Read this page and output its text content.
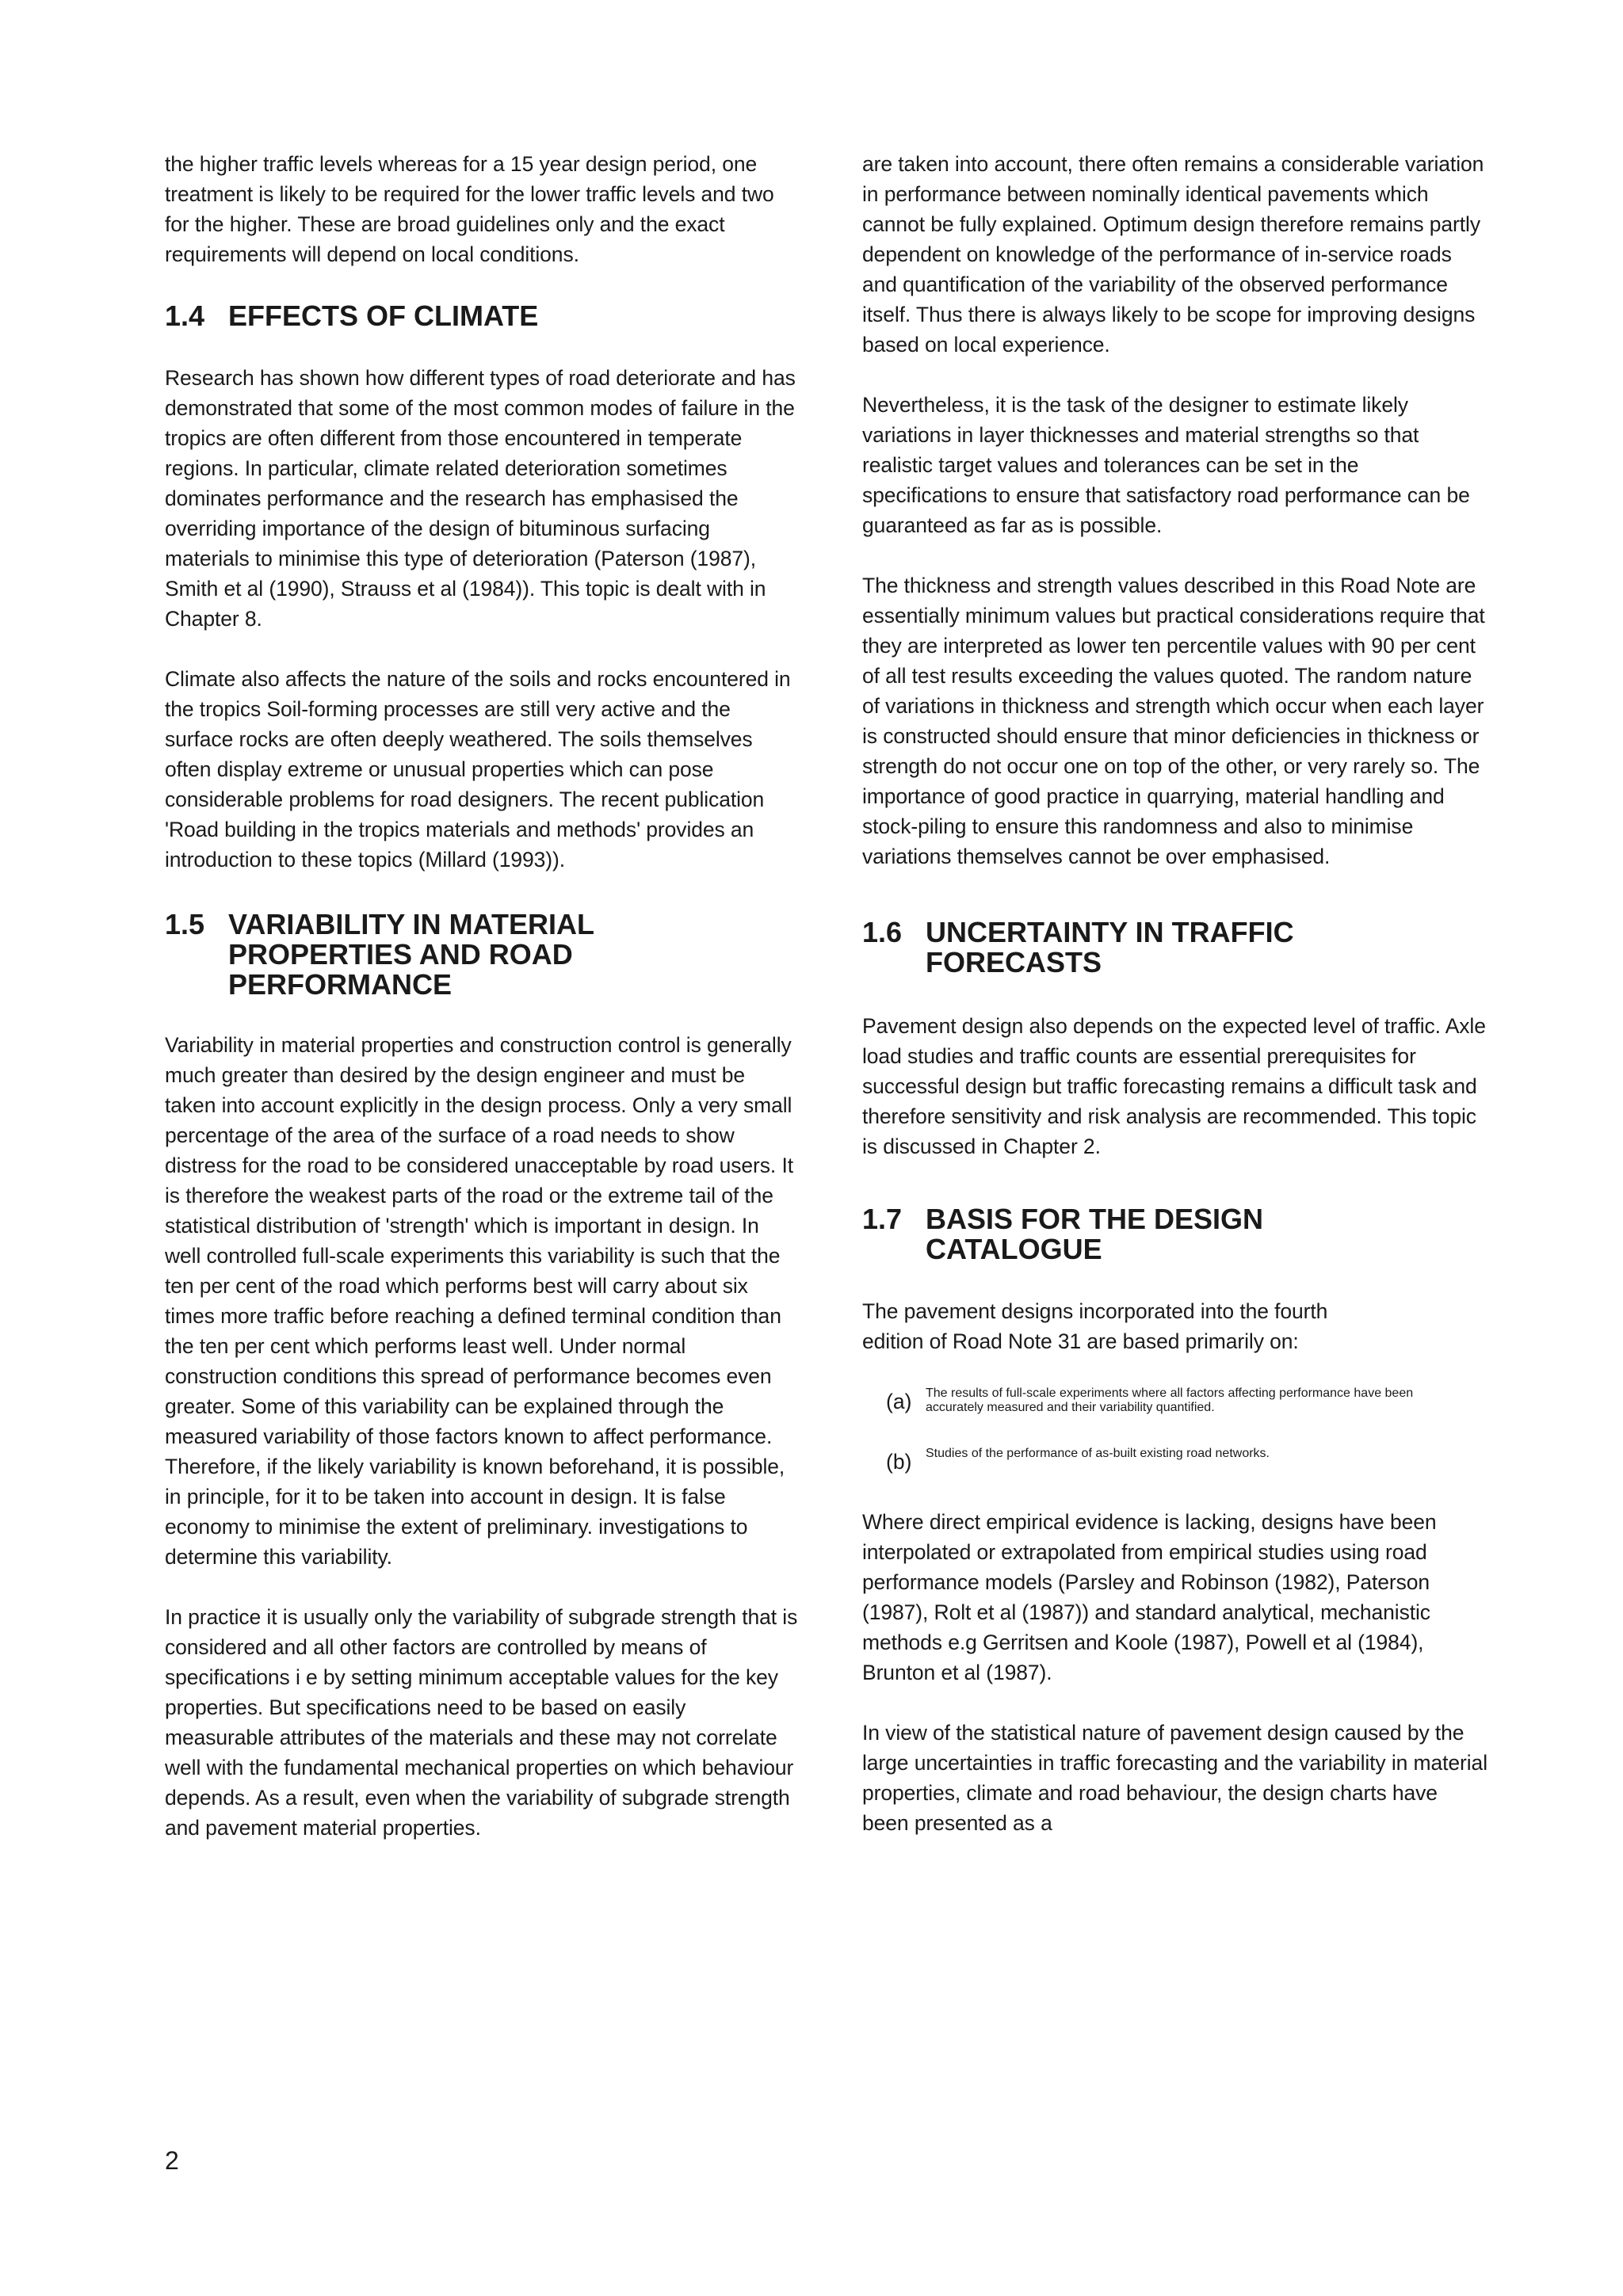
the higher traffic levels whereas for a 15 year design period, one treatment is likely to be required for the lower traffic levels and two for the higher. These are broad guidelines only and the exact requirements will depend on local conditions.

1.4 EFFECTS OF CLIMATE

Research has shown how different types of road deteriorate and has demonstrated that some of the most common modes of failure in the tropics are often different from those encountered in temperate regions. In particular, climate related deterioration sometimes dominates performance and the research has emphasised the overriding importance of the design of bituminous surfacing materials to minimise this type of deterioration (Paterson (1987), Smith et al (1990), Strauss et al (1984)). This topic is dealt with in Chapter 8.

Climate also affects the nature of the soils and rocks encountered in the tropics Soil-forming processes are still very active and the surface rocks are often deeply weathered. The soils themselves often display extreme or unusual properties which can pose considerable problems for road designers. The recent publication 'Road building in the tropics materials and methods' provides an introduction to these topics (Millard (1993)).

1.5 VARIABILITY IN MATERIAL PROPERTIES AND ROAD PERFORMANCE

Variability in material properties and construction control is generally much greater than desired by the design engineer and must be taken into account explicitly in the design process. Only a very small percentage of the area of the surface of a road needs to show distress for the road to be considered unacceptable by road users. It is therefore the weakest parts of the road or the extreme tail of the statistical distribution of 'strength' which is important in design. In well controlled full-scale experiments this variability is such that the ten per cent of the road which performs best will carry about six times more traffic before reaching a defined terminal condition than the ten per cent which performs least well. Under normal construction conditions this spread of performance becomes even greater. Some of this variability can be explained through the measured variability of those factors known to affect performance. Therefore, if the likely variability is known beforehand, it is possible, in principle, for it to be taken into account in design. It is false economy to minimise the extent of preliminary. investigations to determine this variability.

In practice it is usually only the variability of subgrade strength that is considered and all other factors are controlled by means of specifications i e by setting minimum acceptable values for the key properties. But specifications need to be based on easily measurable attributes of the materials and these may not correlate well with the fundamental mechanical properties on which behaviour depends. As a result, even when the variability of subgrade strength and pavement material properties.

are taken into account, there often remains a considerable variation in performance between nominally identical pavements which cannot be fully explained. Optimum design therefore remains partly dependent on knowledge of the performance of in-service roads and quantification of the variability of the observed performance itself. Thus there is always likely to be scope for improving designs based on local experience.

Nevertheless, it is the task of the designer to estimate likely variations in layer thicknesses and material strengths so that realistic target values and tolerances can be set in the specifications to ensure that satisfactory road performance can be guaranteed as far as is possible.

The thickness and strength values described in this Road Note are essentially minimum values but practical considerations require that they are interpreted as lower ten percentile values with 90 per cent of all test results exceeding the values quoted. The random nature of variations in thickness and strength which occur when each layer is constructed should ensure that minor deficiencies in thickness or strength do not occur one on top of the other, or very rarely so. The importance of good practice in quarrying, material handling and stock-piling to ensure this randomness and also to minimise variations themselves cannot be over emphasised.

1.6 UNCERTAINTY IN TRAFFIC FORECASTS

Pavement design also depends on the expected level of traffic. Axle load studies and traffic counts are essential prerequisites for successful design but traffic forecasting remains a difficult task and therefore sensitivity and risk analysis are recommended. This topic is discussed in Chapter 2.

1.7 BASIS FOR THE DESIGN CATALOGUE

The pavement designs incorporated into the fourth edition of Road Note 31 are based primarily on:

(a)	The results of full-scale experiments where all factors affecting performance have been accurately measured and their variability quantified.
(b)	Studies of the performance of as-built existing road networks.

Where direct empirical evidence is lacking, designs have been interpolated or extrapolated from empirical studies using road performance models (Parsley and Robinson (1982), Paterson (1987), Rolt et al (1987)) and standard analytical, mechanistic methods e.g Gerritsen and Koole (1987), Powell et al (1984), Brunton et al (1987).

In view of the statistical nature of pavement design caused by the large uncertainties in traffic forecasting and the variability in material properties, climate and road behaviour, the design charts have been presented as a

2
